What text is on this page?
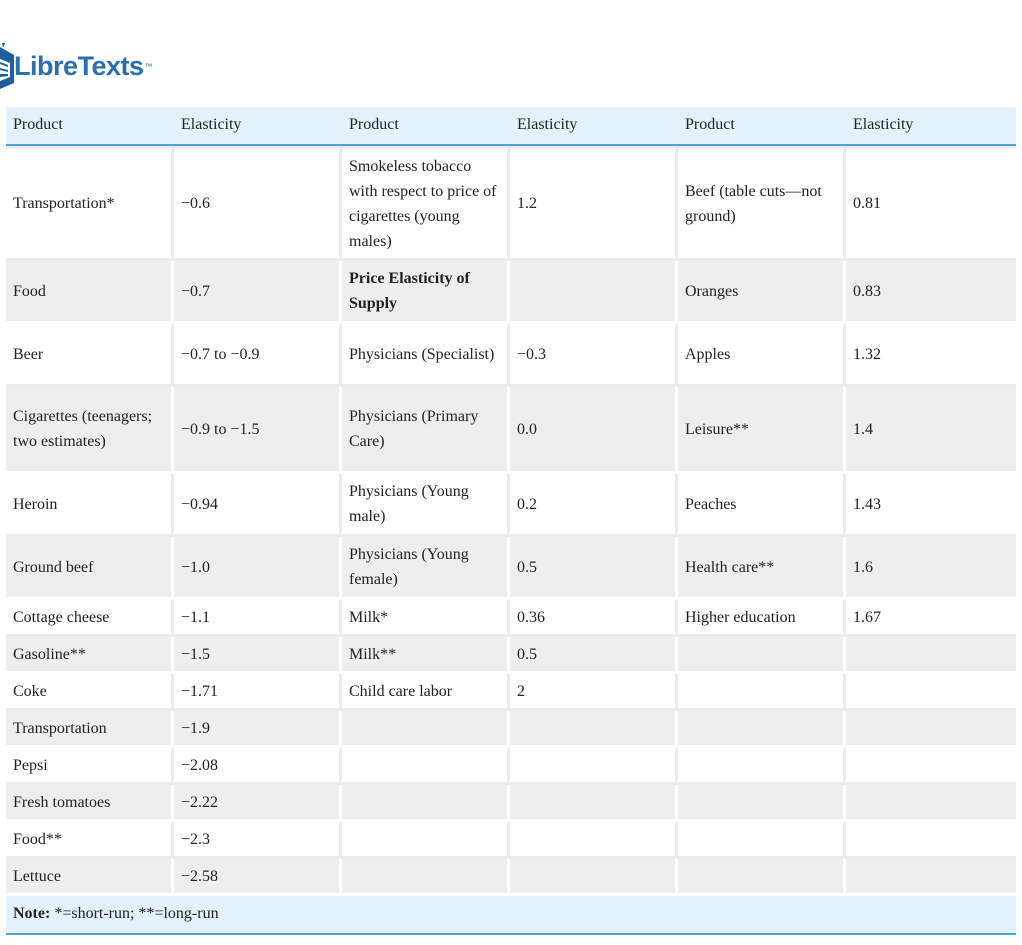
LibreTexts ™
Product	Elasticity	Product	Elasticity	Product	Elasticity
Transportation*	−0.6	Smokeless tobacco with respect to price of cigarettes (young males)	1.2	Beef (table cuts—not ground)	0.81
Food	−0.7	Price Elasticity of Supply		Oranges	0.83
Beer	−0.7 to −0.9	Physicians (Specialist)	−0.3	Apples	1.32
Cigarettes (teenagers; two estimates)	−0.9 to −1.5	Physicians (Primary Care)	0.0	Leisure**	1.4
Heroin	−0.94	Physicians (Young male)	0.2	Peaches	1.43
Ground beef	−1.0	Physicians (Young female)	0.5	Health care**	1.6
Cottage cheese	−1.1	Milk*	0.36	Higher education	1.67
Gasoline**	−1.5	Milk**	0.5		
Coke	−1.71	Child care labor	2		
Transportation	−1.9				
Pepsi	−2.08				
Fresh tomatoes	−2.22				
Food**	−2.3				
Lettuce	−2.58				
Note: *=short-run; **=long-run					
